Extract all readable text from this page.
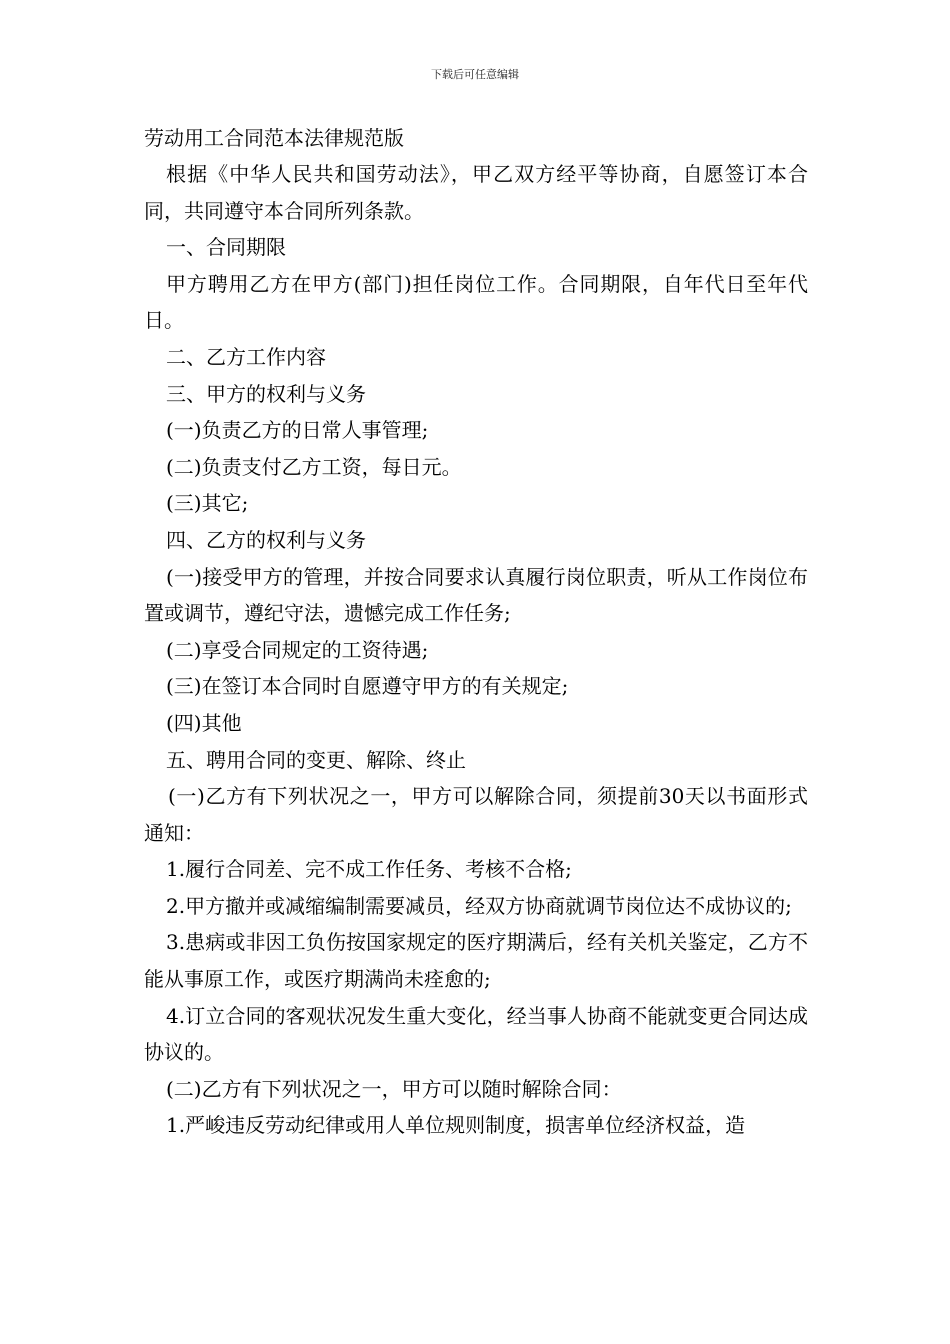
下载后可任意编辑
劳动用工合同范本法律规范版

根据《中华人民共和国劳动法》，甲乙双方经平等协商，自愿签订本合同，共同遵守本合同所列条款。

一、合同期限

甲方聘用乙方在甲方(部门)担任岗位工作。合同期限，自年代日至年代日。

二、乙方工作内容

三、甲方的权利与义务

(一)负责乙方的日常人事管理;

(二)负责支付乙方工资，每日元。

(三)其它;

四、乙方的权利与义务

(一)接受甲方的管理，并按合同要求认真履行岗位职责，听从工作岗位布置或调节，遵纪守法，遗憾完成工作任务;

(二)享受合同规定的工资待遇;

(三)在签订本合同时自愿遵守甲方的有关规定;

(四)其他

五、聘用合同的变更、解除、终止

(一)乙方有下列状况之一，甲方可以解除合同，须提前30天以书面形式通知：

1.履行合同差、完不成工作任务、考核不合格;

2.甲方撤并或减缩编制需要减员，经双方协商就调节岗位达不成协议的;

3.患病或非因工负伤按国家规定的医疗期满后，经有关机关鉴定，乙方不能从事原工作，或医疗期满尚未痊愈的;

4.订立合同的客观状况发生重大变化，经当事人协商不能就变更合同达成协议的。

(二)乙方有下列状况之一，甲方可以随时解除合同：

1.严峻违反劳动纪律或用人单位规则制度，损害单位经济权益，造
